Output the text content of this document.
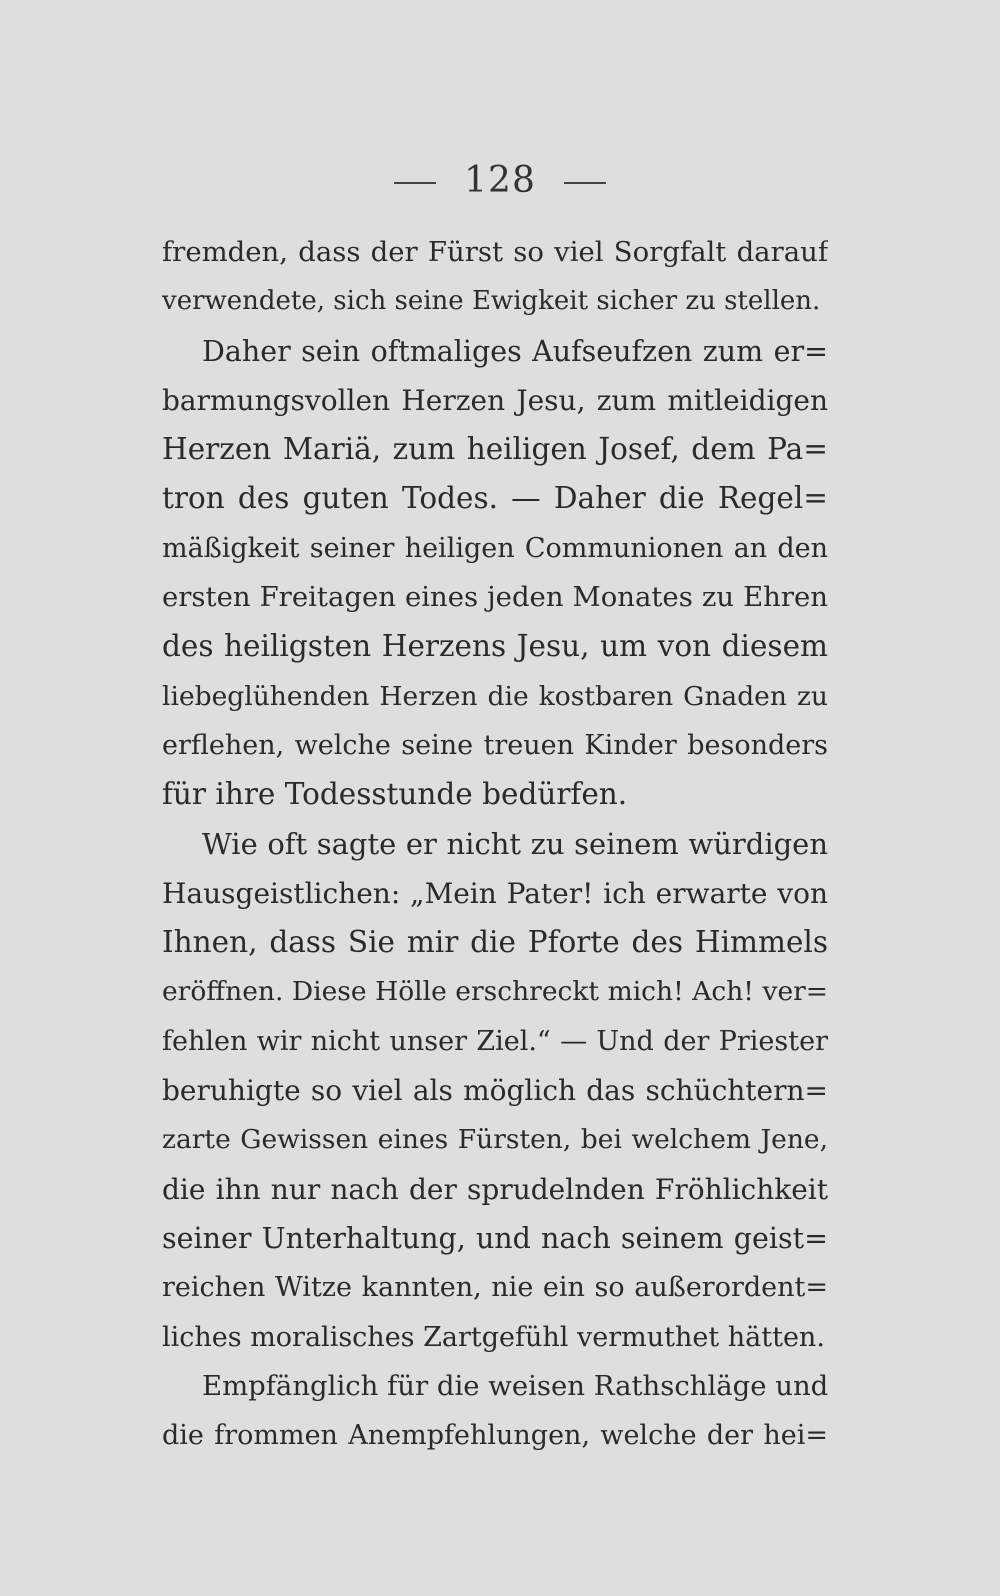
128
fremden, dass der Fürst so viel Sorgfalt darauf
verwendete, sich seine Ewigkeit sicher zu stellen.
Daher sein oftmaliges Aufseufzen zum er=
barmungsvollen Herzen Jesu, zum mitleidigen
Herzen Mariä, zum heiligen Josef, dem Pa=
tron des guten Todes. — Daher die Regel=
mäßigkeit seiner heiligen Communionen an den
ersten Freitagen eines jeden Monates zu Ehren
des heiligsten Herzens Jesu, um von diesem
liebeglühenden Herzen die kostbaren Gnaden zu
erflehen, welche seine treuen Kinder besonders
für ihre Todesstunde bedürfen.
Wie oft sagte er nicht zu seinem würdigen
Hausgeistlichen: „Mein Pater! ich erwarte von
Ihnen, dass Sie mir die Pforte des Himmels
eröffnen. Diese Hölle erschreckt mich! Ach! ver=
fehlen wir nicht unser Ziel.“ — Und der Priester
beruhigte so viel als möglich das schüchtern=
zarte Gewissen eines Fürsten, bei welchem Jene,
die ihn nur nach der sprudelnden Fröhlichkeit
seiner Unterhaltung, und nach seinem geist=
reichen Witze kannten, nie ein so außerordent=
liches moralisches Zartgefühl vermuthet hätten.
Empfänglich für die weisen Rathschläge und
die frommen Anempfehlungen, welche der hei=
